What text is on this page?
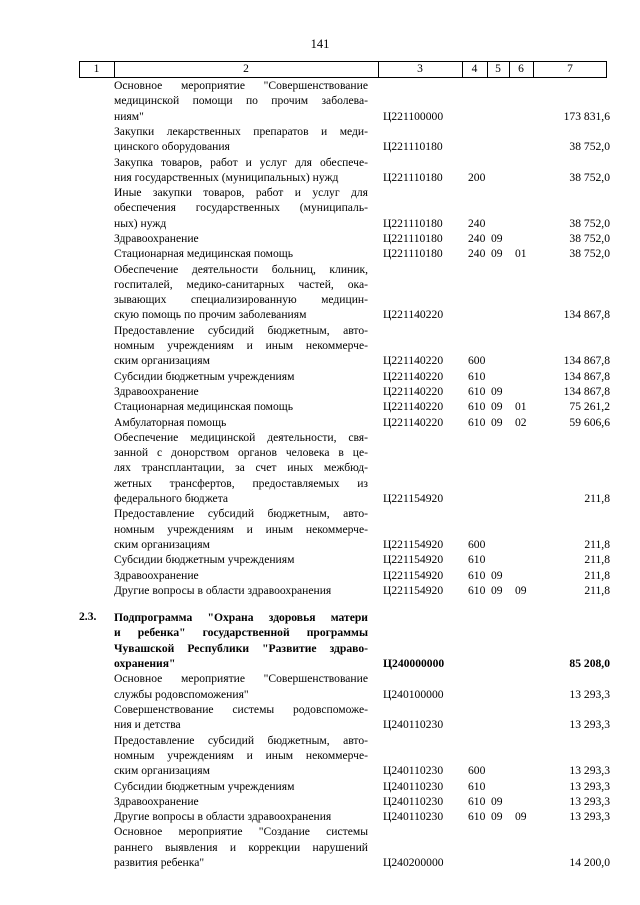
141
1	2	3	4	5	6	7
Основное мероприятие "Совершенствование
медицинской помощи по прочим заболева-
ниям"	Ц221100000	173 831,6
Закупки лекарственных препаратов и меди-
цинского оборудования	Ц221110180	38 752,0
Закупка товаров, работ и услуг для обеспече-
ния государственных (муниципальных) нужд	Ц221110180 200	38 752,0
Иные закупки товаров, работ и услуг для
обеспечения государственных (муниципаль-
ных) нужд	Ц221110180 240	38 752,0
Здравоохранение	Ц221110180 240 09	38 752,0
Стационарная медицинская помощь	Ц221110180 240 09 01	38 752,0
Обеспечение деятельности больниц, клиник,
госпиталей, медико-санитарных частей, ока-
зывающих специализированную медицин-
скую помощь по прочим заболеваниям	Ц221140220	134 867,8
Предоставление субсидий бюджетным, авто-
номным учреждениям и иным некоммерче-
ским организациям	Ц221140220 600	134 867,8
Субсидии бюджетным учреждениям	Ц221140220 610	134 867,8
Здравоохранение	Ц221140220 610 09	134 867,8
Стационарная медицинская помощь	Ц221140220 610 09 01	75 261,2
Амбулаторная помощь	Ц221140220 610 09 02	59 606,6
Обеспечение медицинской деятельности, свя-
занной с донорством органов человека в це-
лях трансплантации, за счет иных межбюд-
жетных трансфертов, предоставляемых из
федерального бюджета	Ц221154920	211,8
Предоставление субсидий бюджетным, авто-
номным учреждениям и иным некоммерче-
ским организациям	Ц221154920 600	211,8
Субсидии бюджетным учреждениям	Ц221154920 610	211,8
Здравоохранение	Ц221154920 610 09	211,8
Другие вопросы в области здравоохранения	Ц221154920 610 09 09	211,8
2.3.	Подпрограмма "Охрана здоровья матери
и ребенка" государственной программы
Чувашской Республики "Развитие здраво-
охранения"	Ц240000000	85 208,0
Основное мероприятие "Совершенствование
службы родовспоможения"	Ц240100000	13 293,3
Совершенствование системы родовспоможе-
ния и детства	Ц240110230	13 293,3
Предоставление субсидий бюджетным, авто-
номным учреждениям и иным некоммерче-
ским организациям	Ц240110230 600	13 293,3
Субсидии бюджетным учреждениям	Ц240110230 610	13 293,3
Здравоохранение	Ц240110230 610 09	13 293,3
Другие вопросы в области здравоохранения	Ц240110230 610 09 09	13 293,3
Основное мероприятие "Создание системы
раннего выявления и коррекции нарушений
развития ребенка"	Ц240200000	14 200,0
